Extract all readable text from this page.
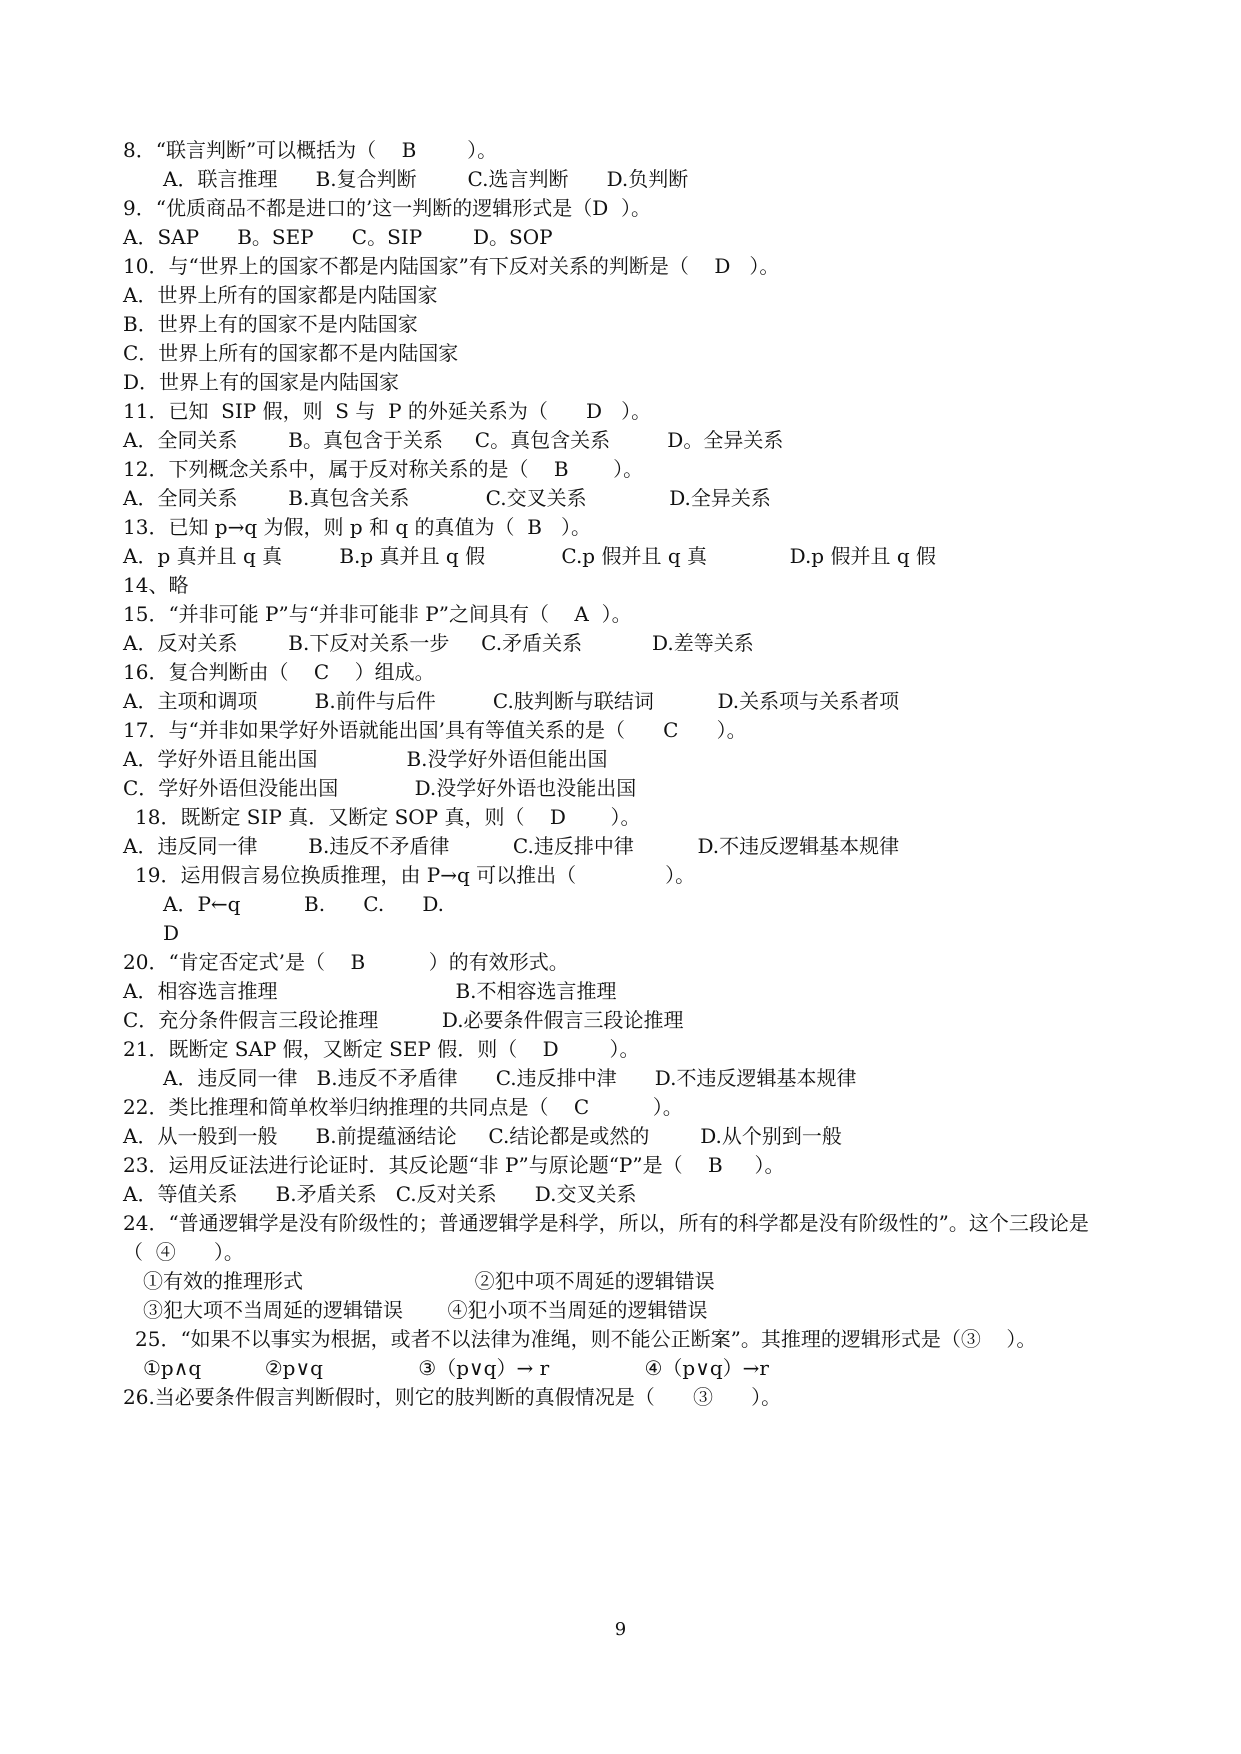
8．“联言判断”可以概括为（    B        ）。
A．联言推理      B.复合判断        C.选言判断      D.负判断
9．“优质商品不都是进口的’这一判断的逻辑形式是（D  ）。
A．SAP      B。SEP      C。SIP        D。SOP
10．与“世界上的国家不都是内陆国家”有下反对关系的判断是（    D   ）。
A．世界上所有的国家都是内陆国家
B．世界上有的国家不是内陆国家
C．世界上所有的国家都不是内陆国家
D．世界上有的国家是内陆国家
11．已知  SIP 假，则  S 与  P 的外延关系为（      D   ）。
A．全同关系        B。真包含于关系     C。真包含关系         D。全异关系
12．下列概念关系中，属于反对称关系的是（    B       ）。
A．全同关系        B.真包含关系            C.交叉关系             D.全异关系
13．已知 p→q 为假，则 p 和 q 的真值为（  B   ）。
A．p 真并且 q 真         B.p 真并且 q 假            C.p 假并且 q 真             D.p 假并且 q 假
14、略
15．“并非可能 P”与“并非可能非 P”之间具有（    A  ）。
A．反对关系        B.下反对关系一步     C.矛盾关系           D.差等关系
16．复合判断由（    C    ）组成。
A．主项和调项         B.前件与后件         C.肢判断与联结词          D.关系项与关系者项
17．与“并非如果学好外语就能出国’具有等值关系的是（      C      ）。
A．学好外语且能出国              B.没学好外语但能出国
C．学好外语但没能出国            D.没学好外语也没能出国
18．既断定 SIP 真．又断定 SOP 真，则（    D       ）。
A．违反同一律        B.违反不矛盾律          C.违反排中律          D.不违反逻辑基本规律
19．运用假言易位换质推理，由 P→q 可以推出（              ）。
A．P←q          B.      C.      D.
D
20．“肯定否定式’是（    B          ）的有效形式。
A．相容选言推理                            B.不相容选言推理
C．充分条件假言三段论推理          D.必要条件假言三段论推理
21．既断定 SAP 假，又断定 SEP 假．则（    D        ）。
A．违反同一律   B.违反不矛盾律      C.违反排中津      D.不违反逻辑基本规律
22．类比推理和简单枚举归纳推理的共同点是（    C          ）。
A．从一般到一般      B.前提蕴涵结论     C.结论都是或然的        D.从个别到一般
23．运用反证法进行论证时．其反论题“非 P”与原论题“P”是（    B     ）。
A．等值关系      B.矛盾关系   C.反对关系      D.交叉关系
24．“普通逻辑学是没有阶级性的；普通逻辑学是科学，所以，所有的科学都是没有阶级性的”。这个三段论是
（  ④      ）。
①有效的推理形式                           ②犯中项不周延的逻辑错误
③犯大项不当周延的逻辑错误       ④犯小项不当周延的逻辑错误
25．“如果不以事实为根据，或者不以法律为准绳，则不能公正断案”。其推理的逻辑形式是（③    ）。
①p∧q          ②p∨q               ③（p∨q）→ r               ④（p∨q）→r
26.当必要条件假言判断假时，则它的肢判断的真假情况是（      ③      ）。
9
